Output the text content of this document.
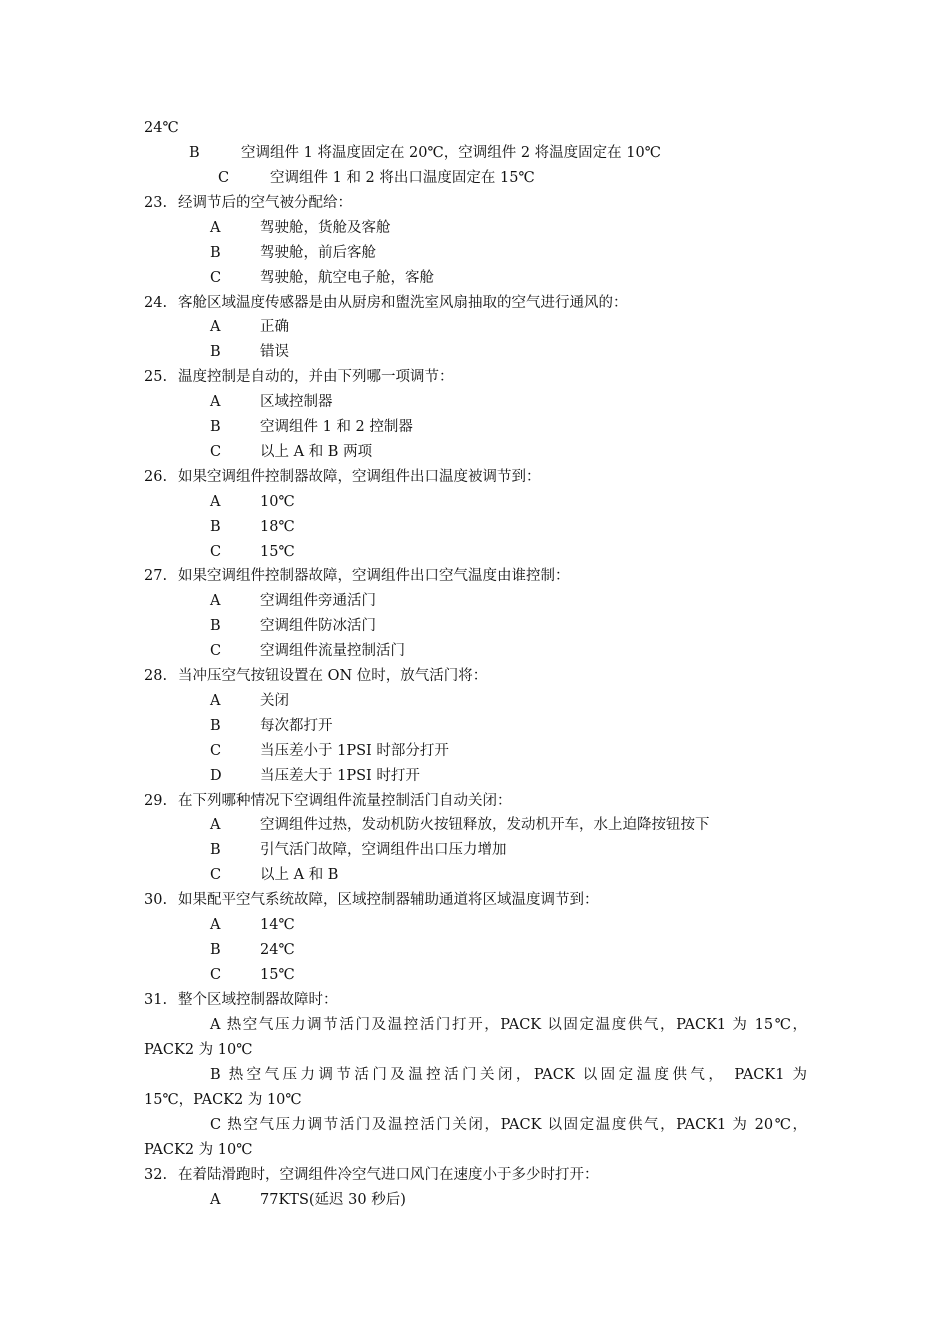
24℃
B	空调组件 1 将温度固定在 20℃，空调组件 2 将温度固定在 10℃
C	空调组件 1 和 2 将出口温度固定在 15℃
23. 经调节后的空气被分配给：
A	驾驶舱，货舱及客舱
B	驾驶舱，前后客舱
C	驾驶舱，航空电子舱，客舱
24. 客舱区域温度传感器是由从厨房和盥洗室风扇抽取的空气进行通风的：
A	正确
B	错误
25. 温度控制是自动的，并由下列哪一项调节：
A	区域控制器
B	空调组件 1 和 2 控制器
C	以上 A 和 B 两项
26. 如果空调组件控制器故障，空调组件出口温度被调节到：
A	10℃
B	18℃
C	15℃
27. 如果空调组件控制器故障，空调组件出口空气温度由谁控制：
A	空调组件旁通活门
B	空调组件防冰活门
C	空调组件流量控制活门
28. 当冲压空气按钮设置在 ON 位时，放气活门将：
A	关闭
B	每次都打开
C	当压差小于 1PSI 时部分打开
D	当压差大于 1PSI 时打开
29. 在下列哪种情况下空调组件流量控制活门自动关闭：
A	空调组件过热，发动机防火按钮释放，发动机开车，水上迫降按钮按下
B	引气活门故障，空调组件出口压力增加
C	以上 A 和 B
30. 如果配平空气系统故障，区域控制器辅助通道将区域温度调节到：
A	14℃
B	24℃
C	15℃
31. 整个区域控制器故障时：
A 热空气压力调节活门及温控活门打开，PACK 以固定温度供气，PACK1 为 15℃，
PACK2 为 10℃
B 热空气压力调节活门及温控活门关闭，PACK 以固定温度供气， PACK1 为
15℃，PACK2 为 10℃
C 热空气压力调节活门及温控活门关闭，PACK 以固定温度供气，PACK1 为 20℃，
PACK2 为 10℃
32. 在着陆滑跑时，空调组件冷空气进口风门在速度小于多少时打开：
A	77KTS(延迟 30 秒后)
